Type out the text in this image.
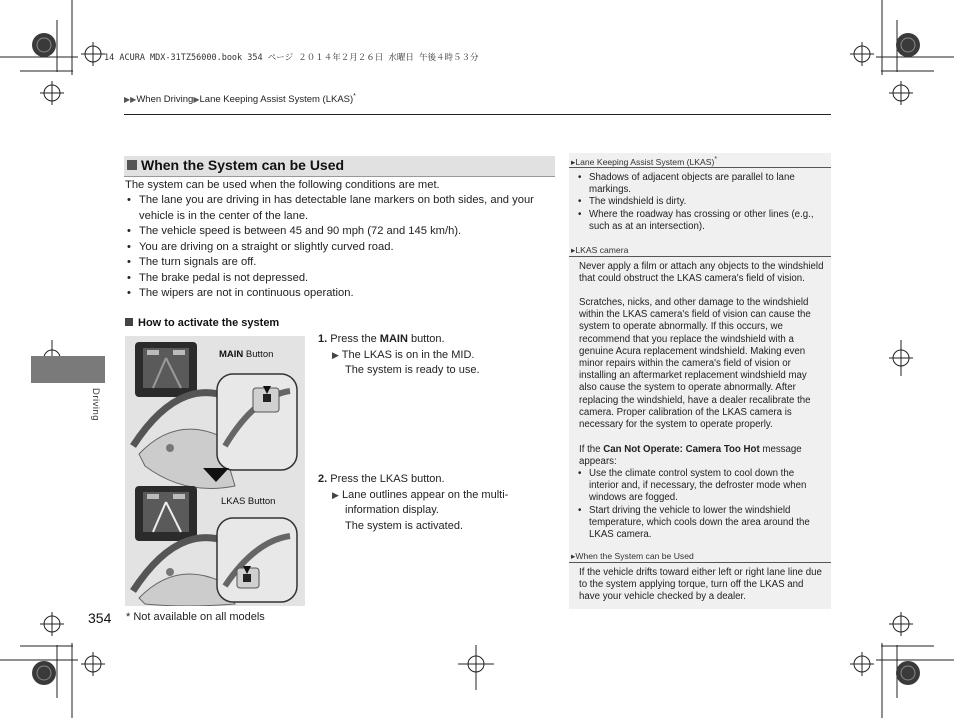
14 ACURA MDX-31TZ56000.book 354 ページ ２０１４年２月２６日 水曜日 午後４時５３分
▶▶When Driving▶Lane Keeping Assist System (LKAS)*
Driving
When the System can be Used
The system can be used when the following conditions are met.
• The lane you are driving in has detectable lane markers on both sides, and your vehicle is in the center of the lane.
• The vehicle speed is between 45 and 90 mph (72 and 145 km/h).
• You are driving on a straight or slightly curved road.
• The turn signals are off.
• The brake pedal is not depressed.
• The wipers are not in continuous operation.
How to activate the system
MAIN Button
LKAS Button
1. Press the MAIN button.
▶ The LKAS is on in the MID.
The system is ready to use.
2. Press the LKAS button.
▶ Lane outlines appear on the multi-
information display.
The system is activated.
354 * Not available on all models
▸Lane Keeping Assist System (LKAS)*
• Shadows of adjacent objects are parallel to lane markings.
• The windshield is dirty.
• Where the roadway has crossing or other lines (e.g., such as at an intersection).
▸LKAS camera
Never apply a film or attach any objects to the windshield that could obstruct the LKAS camera's field of vision.
Scratches, nicks, and other damage to the windshield within the LKAS camera's field of vision can cause the system to operate abnormally. If this occurs, we recommend that you replace the windshield with a genuine Acura replacement windshield. Making even minor repairs within the camera's field of vision or installing an aftermarket replacement windshield may also cause the system to operate abnormally. After replacing the windshield, have a dealer recalibrate the camera. Proper calibration of the LKAS camera is necessary for the system to operate properly.
If the Can Not Operate: Camera Too Hot message appears:
• Use the climate control system to cool down the interior and, if necessary, the defroster mode when windows are fogged.
• Start driving the vehicle to lower the windshield temperature, which cools down the area around the LKAS camera.
▸When the System can be Used
If the vehicle drifts toward either left or right lane line due to the system applying torque, turn off the LKAS and have your vehicle checked by a dealer.
